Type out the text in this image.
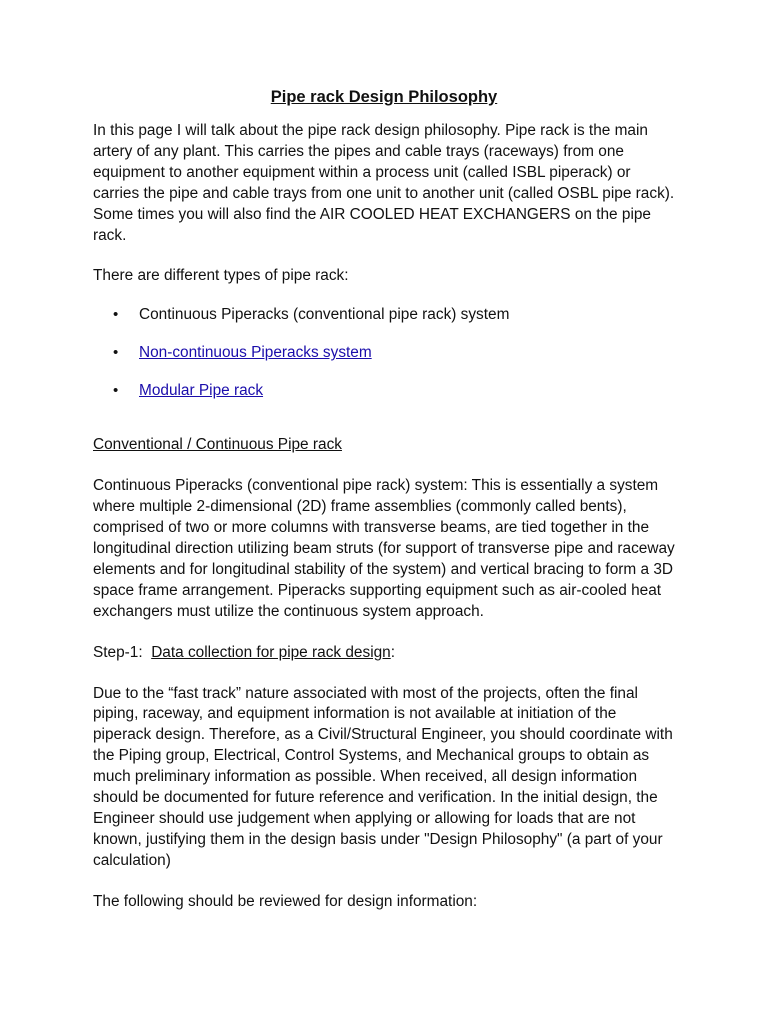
Pipe rack Design Philosophy

In this page I will talk about the pipe rack design philosophy. Pipe rack is the main artery of any plant. This carries the pipes and cable trays (raceways) from one equipment to another equipment within a process unit (called ISBL piperack) or carries the pipe and cable trays from one unit to another unit (called OSBL pipe rack). Some times you will also find the AIR COOLED HEAT EXCHANGERS on the pipe rack.

There are different types of pipe rack:

• Continuous Piperacks (conventional pipe rack) system
• Non-continuous Piperacks system
• Modular Pipe rack

Conventional / Continuous Pipe rack

Continuous Piperacks (conventional pipe rack) system: This is essentially a system where multiple 2-dimensional (2D) frame assemblies (commonly called bents), comprised of two or more columns with transverse beams, are tied together in the longitudinal direction utilizing beam struts (for support of transverse pipe and raceway elements and for longitudinal stability of the system) and vertical bracing to form a 3D space frame arrangement. Piperacks supporting equipment such as air-cooled heat exchangers must utilize the continuous system approach.

Step-1:  Data collection for pipe rack design:

Due to the “fast track” nature associated with most of the projects, often the final piping, raceway, and equipment information is not available at initiation of the piperack design. Therefore, as a Civil/Structural Engineer, you should coordinate with the Piping group, Electrical, Control Systems, and Mechanical groups to obtain as much preliminary information as possible. When received, all design information should be documented for future reference and verification. In the initial design, the Engineer should use judgement when applying or allowing for loads that are not known, justifying them in the design basis under "Design Philosophy" (a part of your calculation)

The following should be reviewed for design information:
